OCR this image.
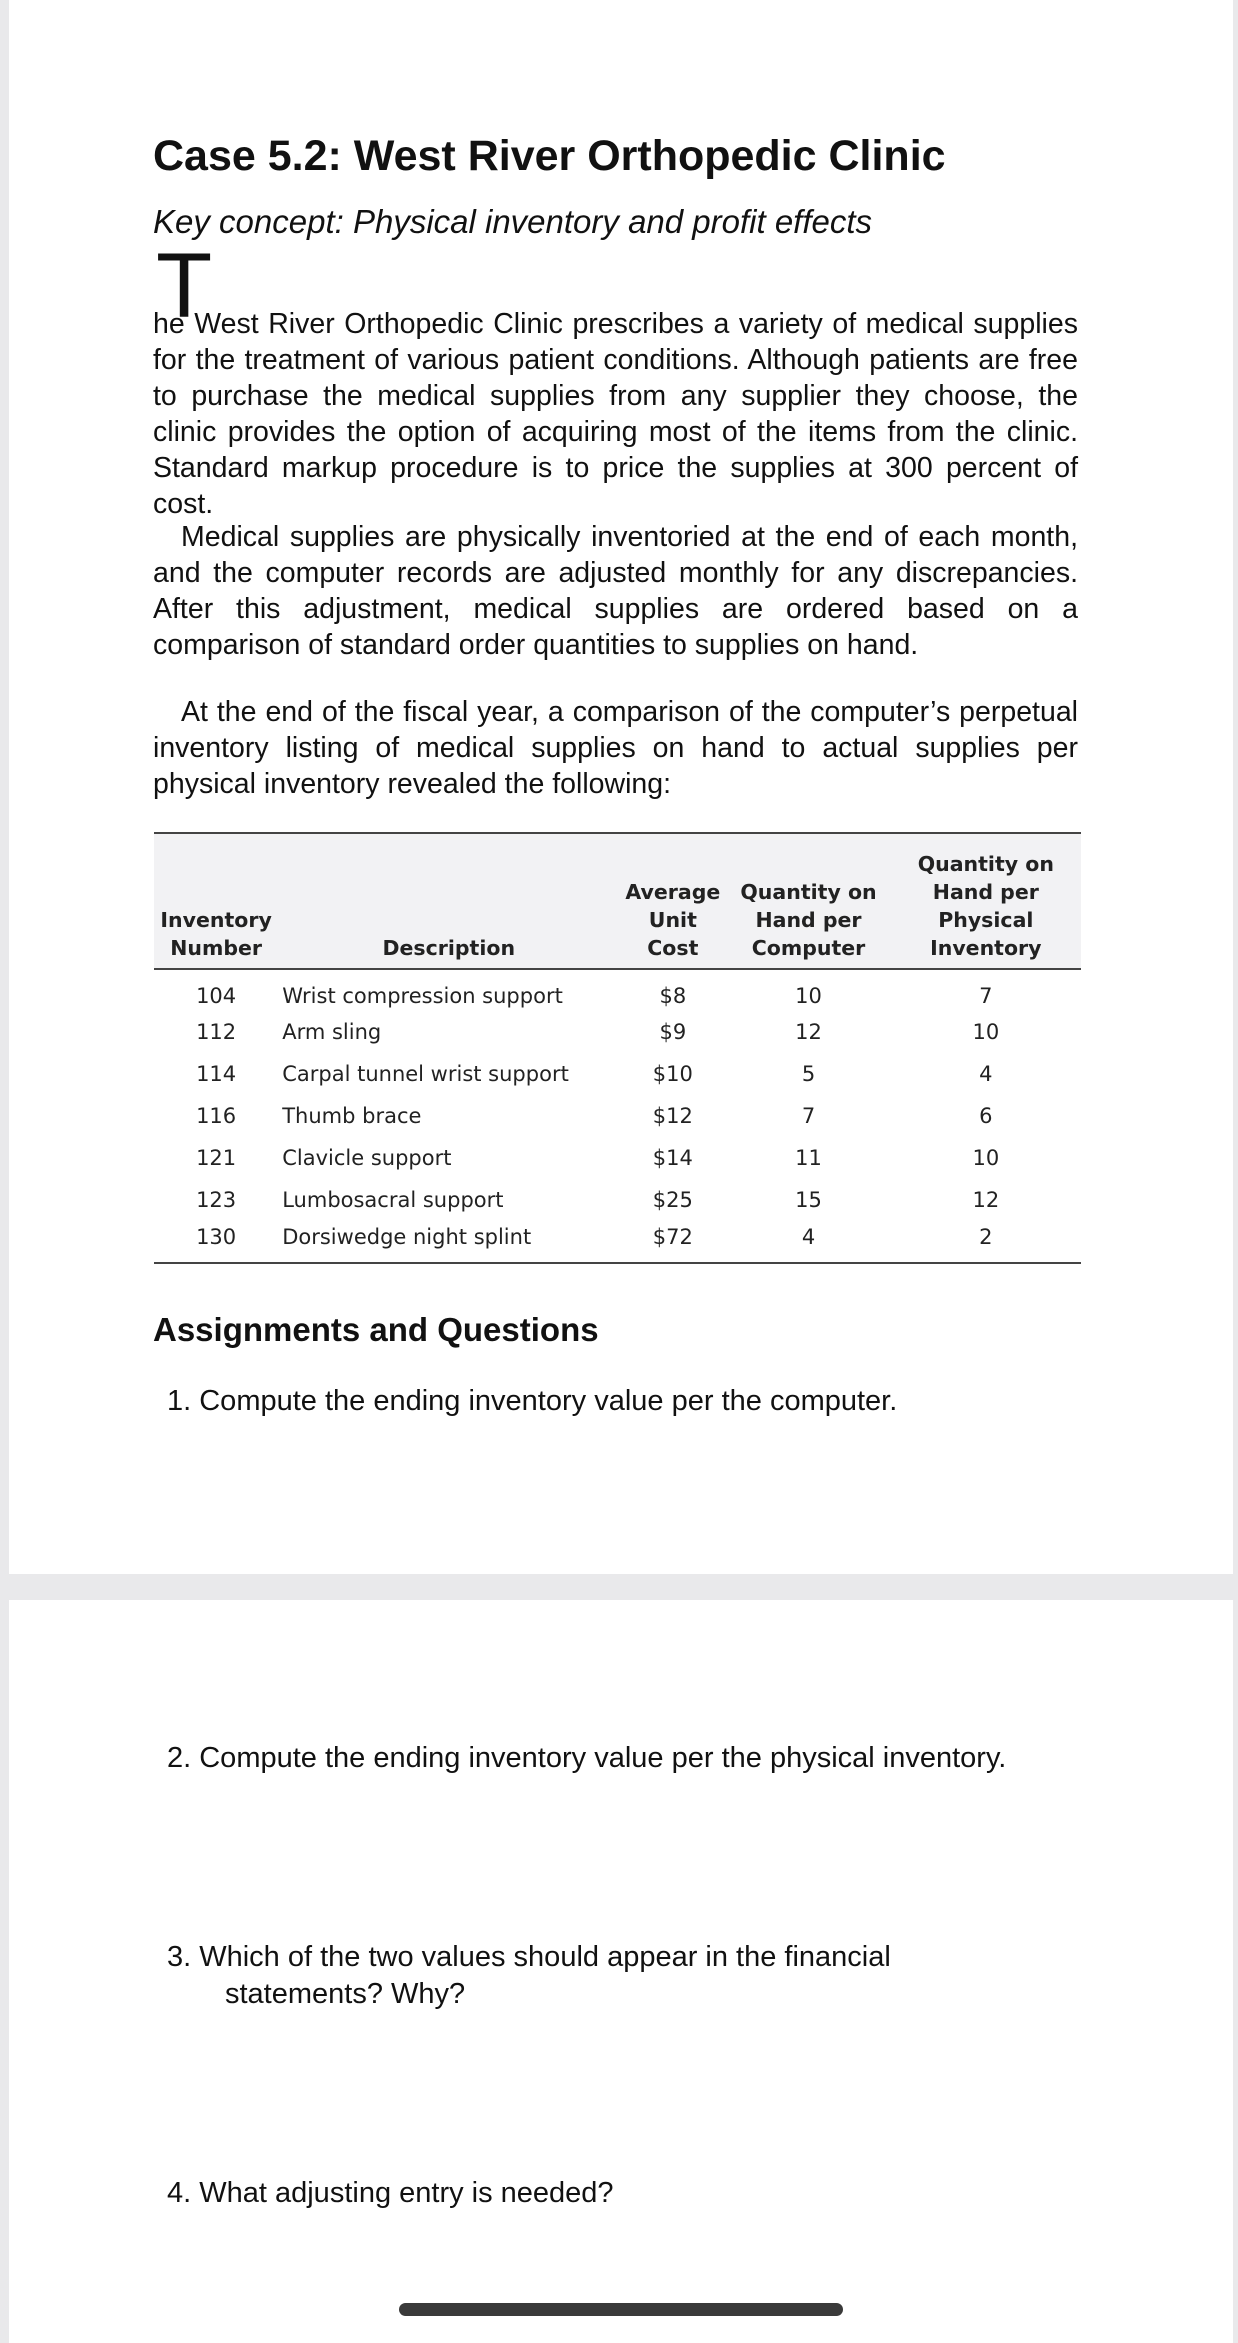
Case 5.2: West River Orthopedic Clinic

Key concept: Physical inventory and profit effects

T

he West River Orthopedic Clinic prescribes a variety of medical supplies for the treatment of various patient conditions. Although patients are free to purchase the medical supplies from any supplier they choose, the clinic provides the option of acquiring most of the items from the clinic. Standard markup procedure is to price the supplies at 300 percent of cost.

Medical supplies are physically inventoried at the end of each month, and the computer records are adjusted monthly for any discrepancies. After this adjustment, medical supplies are ordered based on a comparison of standard order quantities to supplies on hand.

At the end of the fiscal year, a comparison of the computer’s perpetual inventory listing of medical supplies on hand to actual supplies per physical inventory revealed the following:

Inventory Number	Description	Average Unit Cost	Quantity on Hand per Computer	Quantity on Hand per Physical Inventory
104	Wrist compression support	$8	10	7
112	Arm sling	$9	12	10
114	Carpal tunnel wrist support	$10	5	4
116	Thumb brace	$12	7	6
121	Clavicle support	$14	11	10
123	Lumbosacral support	$25	15	12
130	Dorsiwedge night splint	$72	4	2
Assignments and Questions

1. Compute the ending inventory value per the computer.

2. Compute the ending inventory value per the physical inventory.

3. Which of the two values should appear in the financial
statements? Why?

4. What adjusting entry is needed?
